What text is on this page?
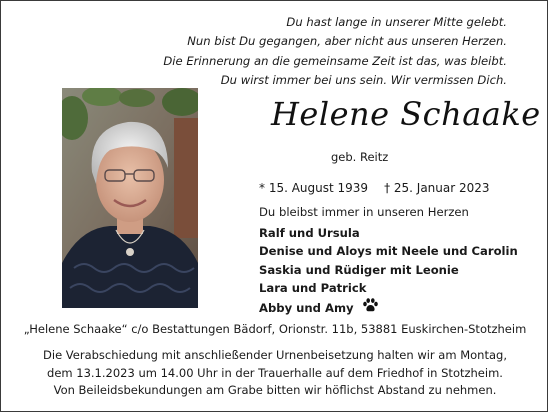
Du hast lange in unserer Mitte gelebt.
Nun bist Du gegangen, aber nicht aus unseren Herzen.
Die Erinnerung an die gemeinsame Zeit ist das, was bleibt.
Du wirst immer bei uns sein. Wir vermissen Dich.
Helene Schaake
geb. Reitz
* 15. August 1939 † 25. Januar 2023
Du bleibst immer in unseren Herzen
Ralf und Ursula
Denise und Aloys mit Neele und Carolin
Saskia und Rüdiger mit Leonie
Lara und Patrick
Abby und Amy
„Helene Schaake“ c/o Bestattungen Bädorf, Orionstr. 11b, 53881 Euskirchen-Stotzheim
Die Verabschiedung mit anschließender Urnenbeisetzung halten wir am Montag,
dem 13.1.2023 um 14.00 Uhr in der Trauerhalle auf dem Friedhof in Stotzheim.
Von Beileidsbekundungen am Grabe bitten wir höflichst Abstand zu nehmen.
